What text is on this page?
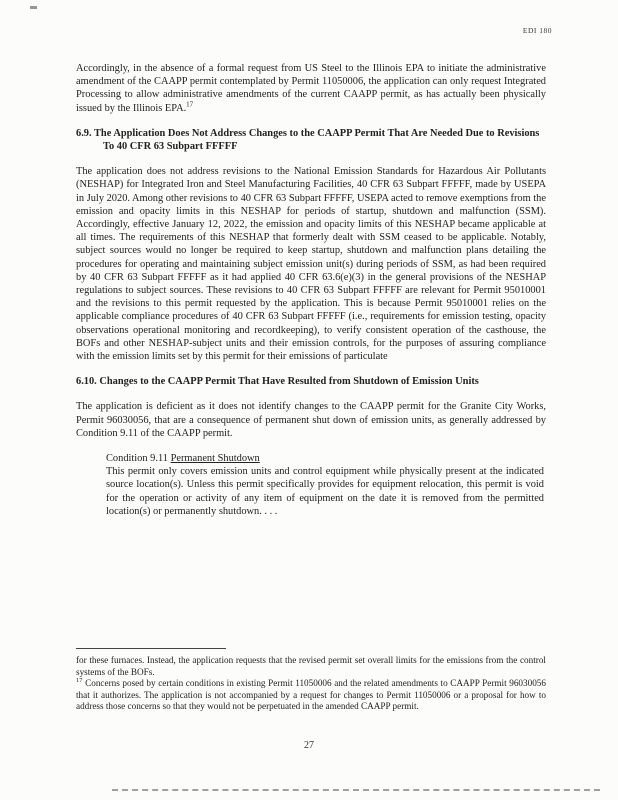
EDI 180

Accordingly, in the absence of a formal request from US Steel to the Illinois EPA to initiate the administrative amendment of the CAAPP permit contemplated by Permit 11050006, the application can only request Integrated Processing to allow administrative amendments of the current CAAPP permit, as has actually been physically issued by the Illinois EPA.$^{17}$

6.9. The Application Does Not Address Changes to the CAAPP Permit That Are Needed Due to Revisions To 40 CFR 63 Subpart FFFFF

The application does not address revisions to the National Emission Standards for Hazardous Air Pollutants (NESHAP) for Integrated Iron and Steel Manufacturing Facilities, 40 CFR 63 Subpart FFFFF, made by USEPA in July 2020. Among other revisions to 40 CFR 63 Subpart FFFFF, USEPA acted to remove exemptions from the emission and opacity limits in this NESHAP for periods of startup, shutdown and malfunction (SSM). Accordingly, effective January 12, 2022, the emission and opacity limits of this NESHAP became applicable at all times. The requirements of this NESHAP that formerly dealt with SSM ceased to be applicable. Notably, subject sources would no longer be required to keep startup, shutdown and malfunction plans detailing the procedures for operating and maintaining subject emission unit(s) during periods of SSM, as had been required by 40 CFR 63 Subpart FFFFF as it had applied 40 CFR 63.6(e)(3) in the general provisions of the NESHAP regulations to subject sources. These revisions to 40 CFR 63 Subpart FFFFF are relevant for Permit 95010001 and the revisions to this permit requested by the application. This is because Permit 95010001 relies on the applicable compliance procedures of 40 CFR 63 Subpart FFFFF (i.e., requirements for emission testing, opacity observations operational monitoring and recordkeeping), to verify consistent operation of the casthouse, the BOFs and other NESHAP-subject units and their emission controls, for the purposes of assuring compliance with the emission limits set by this permit for their emissions of particulate

6.10. Changes to the CAAPP Permit That Have Resulted from Shutdown of Emission Units

The application is deficient as it does not identify changes to the CAAPP permit for the Granite City Works, Permit 96030056, that are a consequence of permanent shut down of emission units, as generally addressed by Condition 9.11 of the CAAPP permit.

Condition 9.11 Permanent Shutdown

This permit only covers emission units and control equipment while physically present at the indicated source location(s). Unless this permit specifically provides for equipment relocation, this permit is void for the operation or activity of any item of equipment on the date it is removed from the permitted location(s) or permanently shutdown. . . .

for these furnaces. Instead, the application requests that the revised permit set overall limits for the emissions from the control systems of the BOFs.

$^{17}$ Concerns posed by certain conditions in existing Permit 11050006 and the related amendments to CAAPP Permit 96030056 that it authorizes. The application is not accompanied by a request for changes to Permit 11050006 or a proposal for how to address those concerns so that they would not be perpetuated in the amended CAAPP permit.

27
